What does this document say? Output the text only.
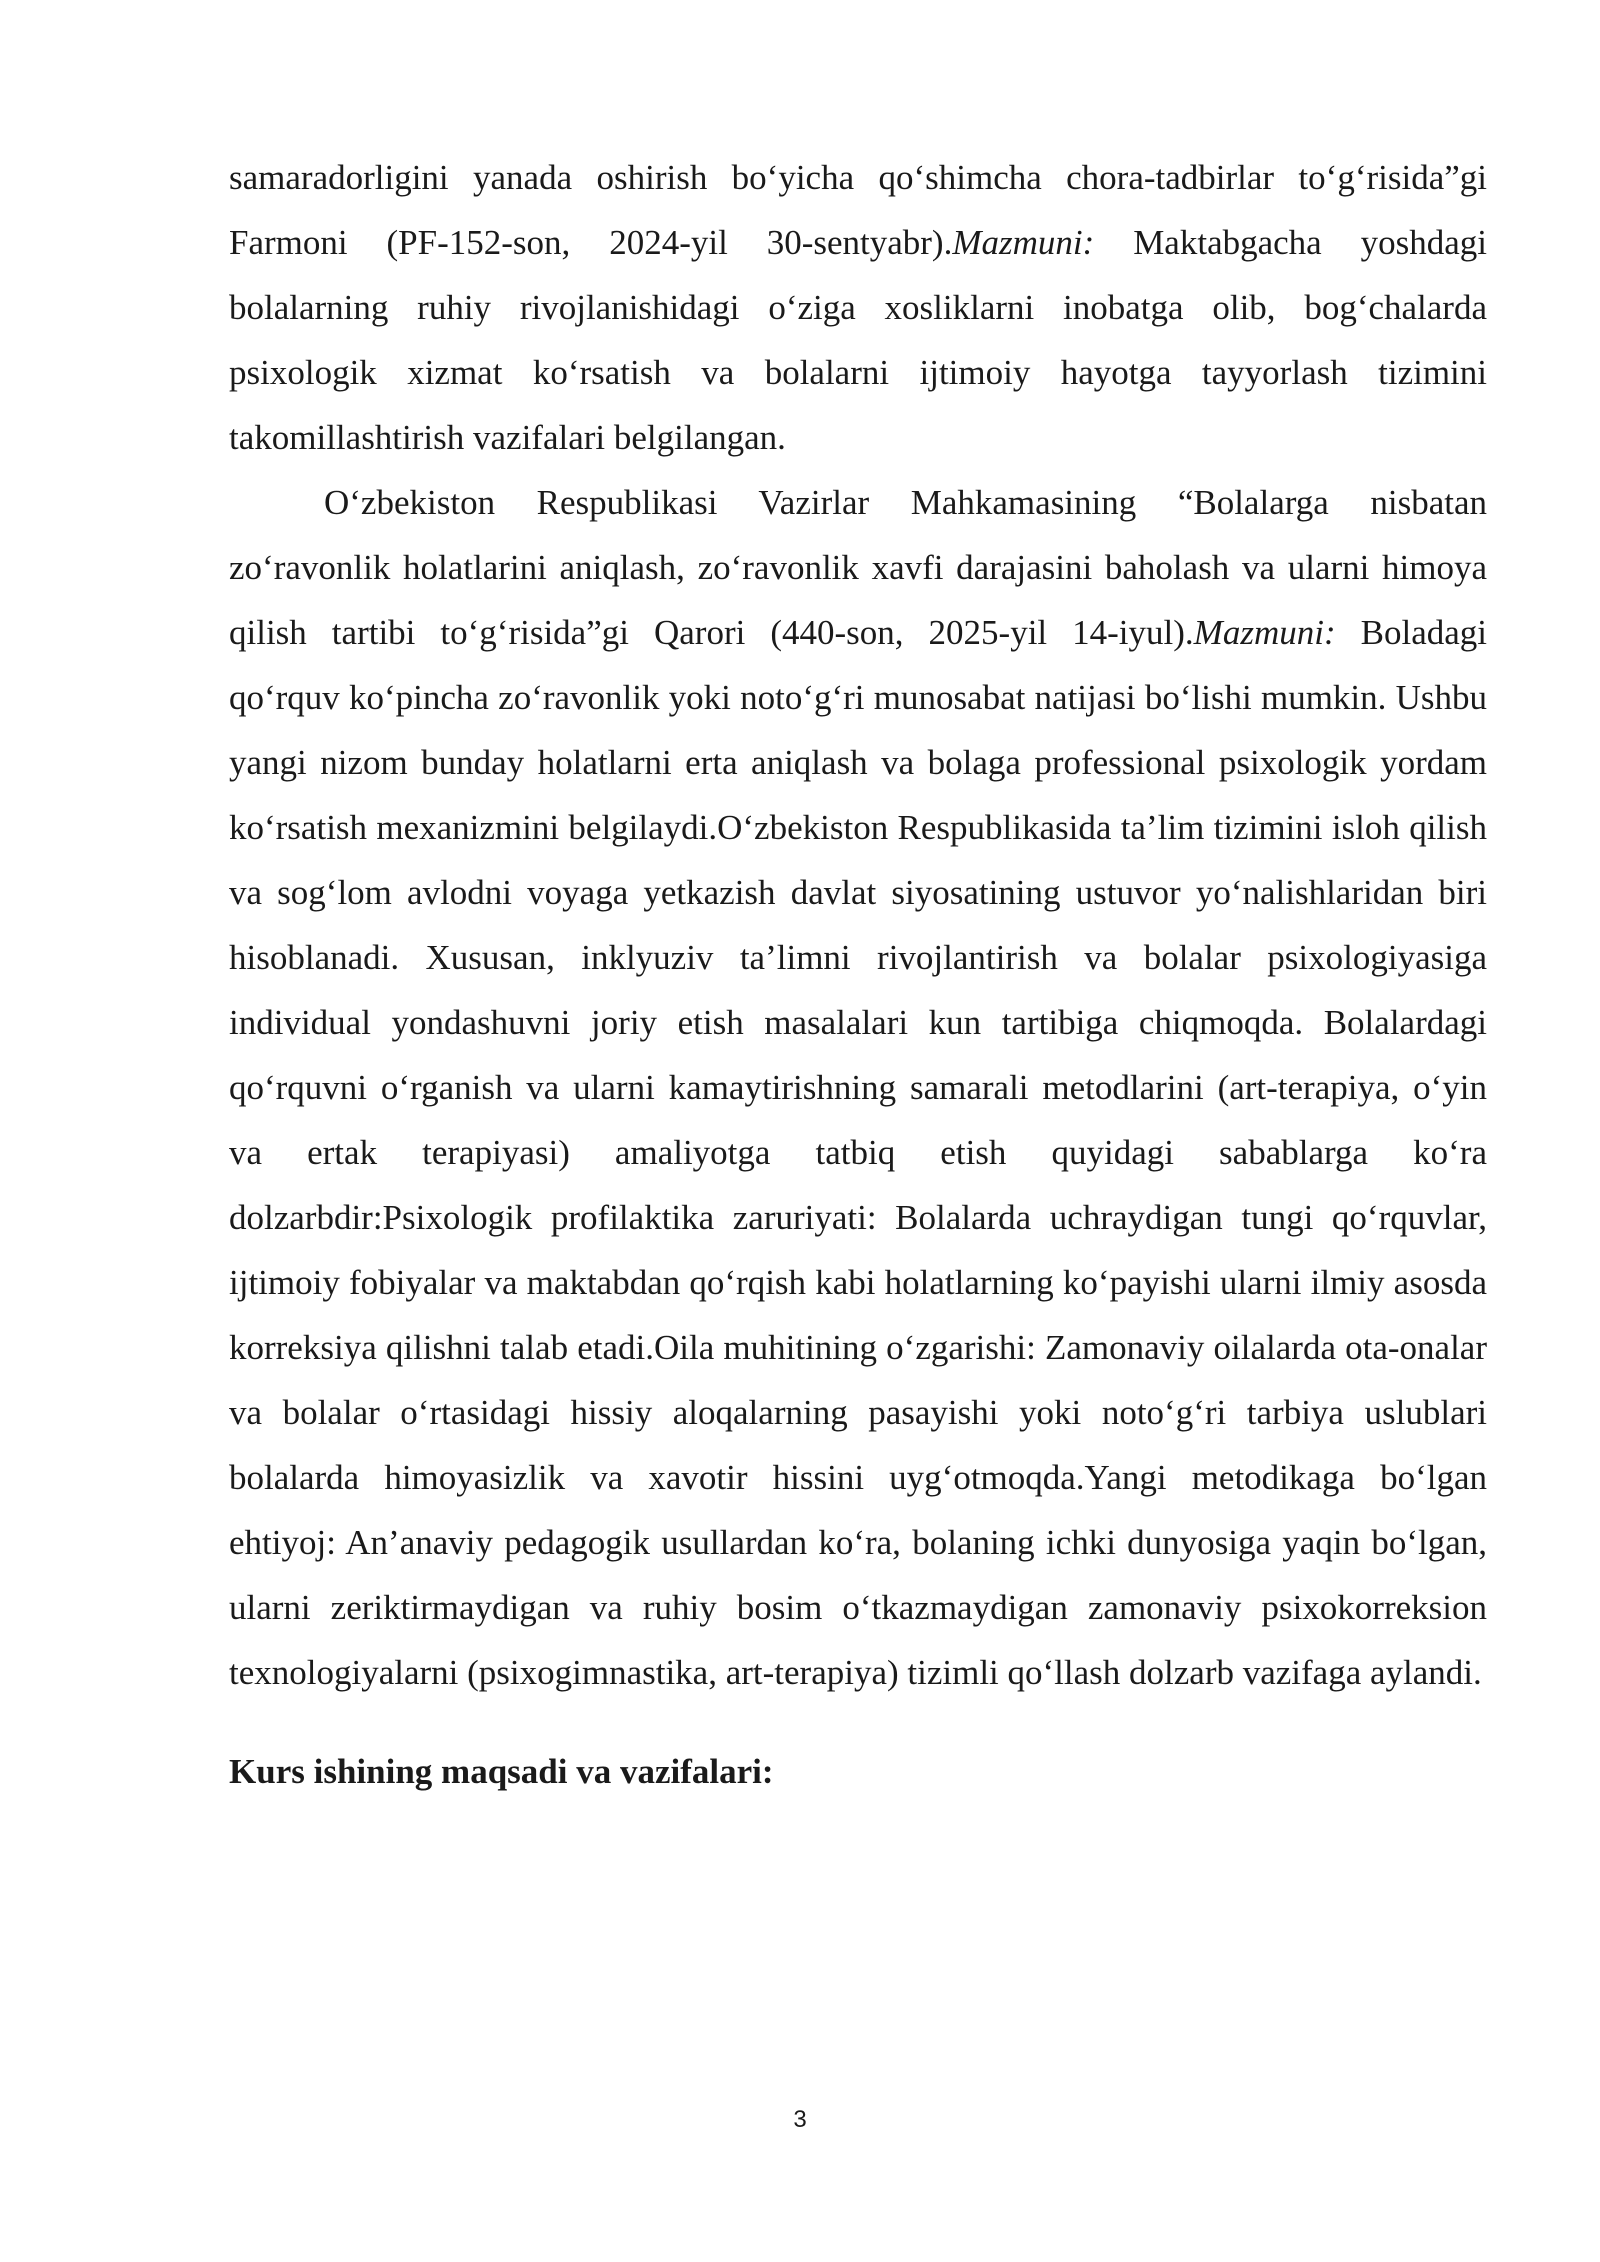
samaradorligini yanada oshirish bo‘yicha qo‘shimcha chora-tadbirlar to‘g‘risida”gi Farmoni (PF-152-son, 2024-yil 30-sentyabr).Mazmuni: Maktabgacha yoshdagi bolalarning ruhiy rivojlanishidagi o‘ziga xosliklarni inobatga olib, bog‘chalarda psixologik xizmat ko‘rsatish va bolalarni ijtimoiy hayotga tayyorlash tizimini takomillashtirish vazifalari belgilangan.

O‘zbekiston Respublikasi Vazirlar Mahkamasining “Bolalarga nisbatan zo‘ravonlik holatlarini aniqlash, zo‘ravonlik xavfi darajasini baholash va ularni himoya qilish tartibi to‘g‘risida”gi Qarori (440-son, 2025-yil 14-iyul).Mazmuni: Boladagi qo‘rquv ko‘pincha zo‘ravonlik yoki noto‘g‘ri munosabat natijasi bo‘lishi mumkin. Ushbu yangi nizom bunday holatlarni erta aniqlash va bolaga professional psixologik yordam ko‘rsatish mexanizmini belgilaydi.O‘zbekiston Respublikasida ta’lim tizimini isloh qilish va sog‘lom avlodni voyaga yetkazish davlat siyosatining ustuvor yo‘nalishlaridan biri hisoblanadi. Xususan, inklyuziv ta’limni rivojlantirish va bolalar psixologiyasiga individual yondashuvni joriy etish masalalari kun tartibiga chiqmoqda. Bolalardagi qo‘rquvni o‘rganish va ularni kamaytirishning samarali metodlarini (art-terapiya, o‘yin va ertak terapiyasi) amaliyotga tatbiq etish quyidagi sabablarga ko‘ra dolzarbdir:Psixologik profilaktika zaruriyati: Bolalarda uchraydigan tungi qo‘rquvlar, ijtimoiy fobiyalar va maktabdan qo‘rqish kabi holatlarning ko‘payishi ularni ilmiy asosda korreksiya qilishni talab etadi.Oila muhitining o‘zgarishi: Zamonaviy oilalarda ota-onalar va bolalar o‘rtasidagi hissiy aloqalarning pasayishi yoki noto‘g‘ri tarbiya uslublari bolalarda himoyasizlik va xavotir hissini uyg‘otmoqda.Yangi metodikaga bo‘lgan ehtiyoj: An’anaviy pedagogik usullardan ko‘ra, bolaning ichki dunyosiga yaqin bo‘lgan, ularni zeriktirmaydigan va ruhiy bosim o‘tkazmaydigan zamonaviy psixokorreksion texnologiyalarni (psixogimnastika, art-terapiya) tizimli qo‘llash dolzarb vazifaga aylandi.

Kurs ishining maqsadi va vazifalari:
3
